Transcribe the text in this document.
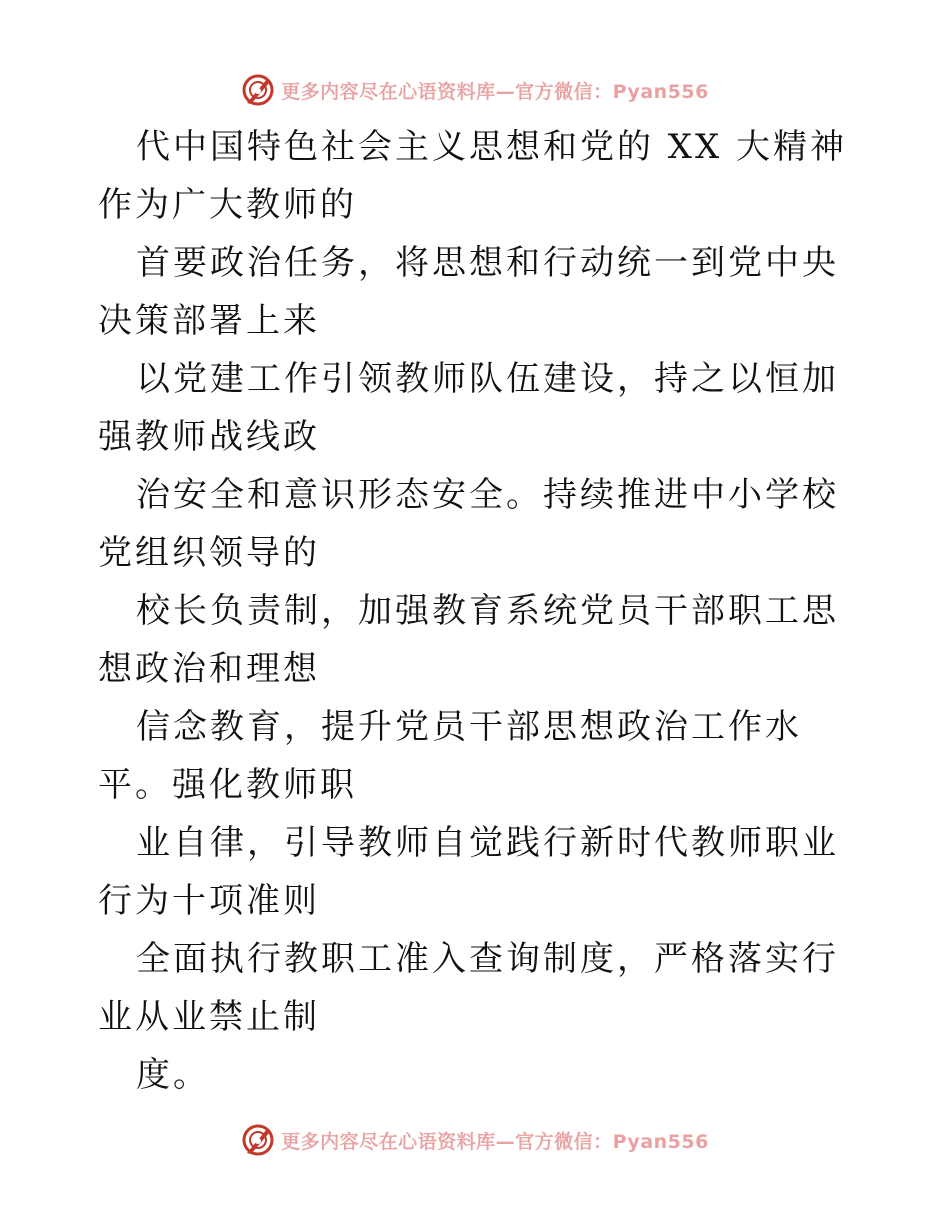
更多内容尽在心语资料库—官方微信：Pyan556

代中国特色社会主义思想和党的 XX 大精神作为广大教师的

首要政治任务，将思想和行动统一到党中央决策部署上来

以党建工作引领教师队伍建设，持之以恒加强教师战线政

治安全和意识形态安全。持续推进中小学校党组织领导的

校长负责制，加强教育系统党员干部职工思想政治和理想

信念教育，提升党员干部思想政治工作水平。强化教师职

业自律，引导教师自觉践行新时代教师职业行为十项准则

全面执行教职工准入查询制度，严格落实行业从业禁止制

度。

更多内容尽在心语资料库—官方微信：Pyan556
